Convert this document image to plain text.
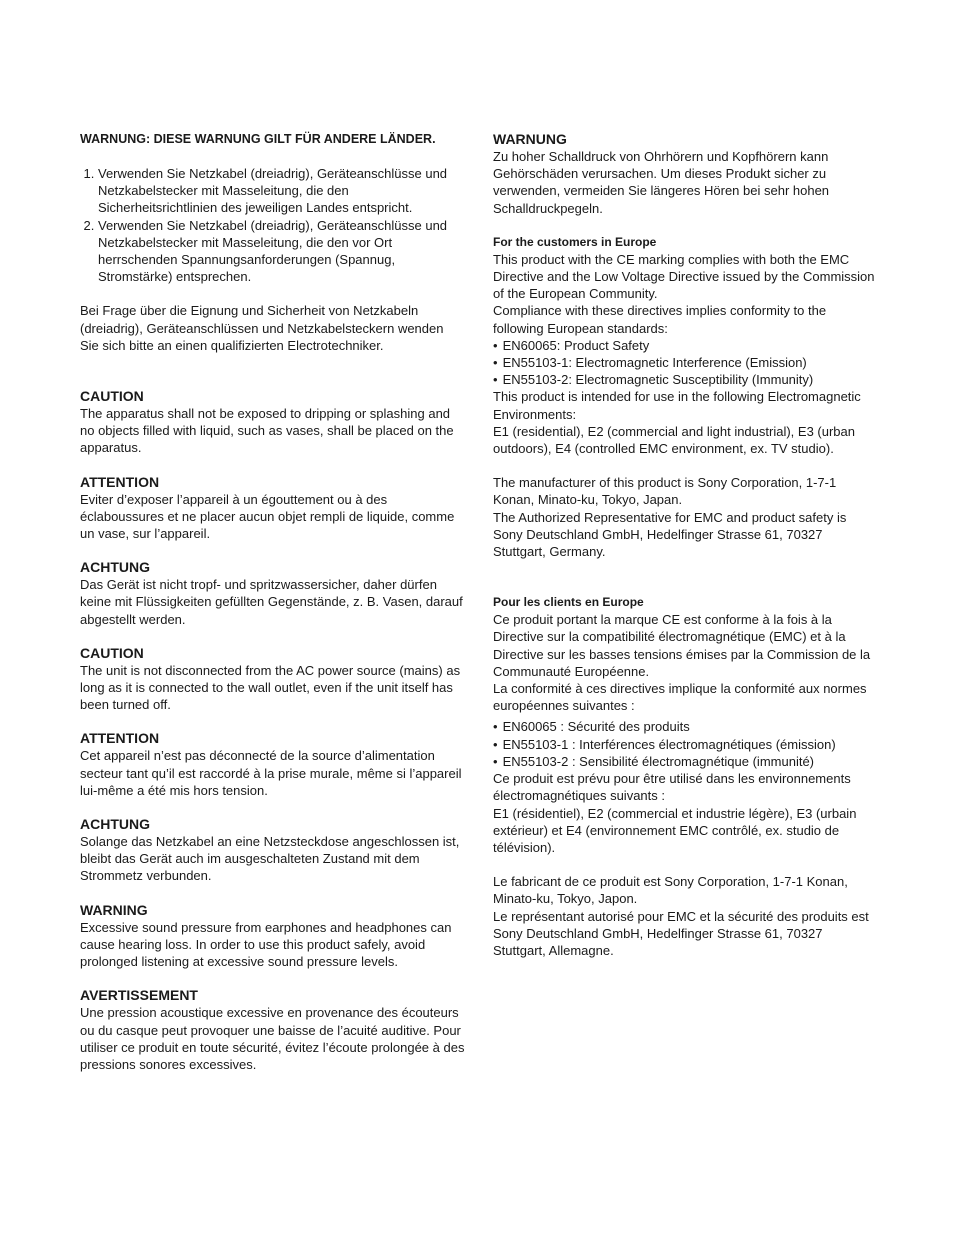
WARNUNG: DIESE WARNUNG GILT FÜR ANDERE LÄNDER.

1. Verwenden Sie Netzkabel (dreiadrig), Geräteanschlüsse und Netzkabelstecker mit Masseleitung, die den Sicherheitsrichtlinien des jeweiligen Landes entspricht.
2. Verwenden Sie Netzkabel (dreiadrig), Geräteanschlüsse und Netzkabelstecker mit Masseleitung, die den vor Ort herrschenden Spannungsanforderungen (Spannug, Stromstärke) entsprechen.

Bei Frage über die Eignung und Sicherheit von Netzkabeln (dreiadrig), Geräteanschlüssen und Netzkabelsteckern wenden Sie sich bitte an einen qualifizierten Electrotechniker.

CAUTION

The apparatus shall not be exposed to dripping or splashing and no objects filled with liquid, such as vases, shall be placed on the apparatus.

ATTENTION

Eviter d’exposer l’appareil à un égouttement ou à des éclaboussures et ne placer aucun objet rempli de liquide, comme un vase, sur l’appareil.

ACHTUNG

Das Gerät ist nicht tropf- und spritzwassersicher, daher dürfen keine mit Flüssigkeiten gefüllten Gegenstände, z. B. Vasen, darauf abgestellt werden.

CAUTION

The unit is not disconnected from the AC power source (mains) as long as it is connected to the wall outlet, even if the unit itself has been turned off.

ATTENTION

Cet appareil n’est pas déconnecté de la source d’alimentation secteur tant qu’il est raccordé à la prise murale, même si l’appareil lui-même a été mis hors tension.

ACHTUNG

Solange das Netzkabel an eine Netzsteckdose angeschlossen ist, bleibt das Gerät auch im ausgeschalteten Zustand mit dem Strommetz verbunden.

WARNING

Excessive sound pressure from earphones and headphones can cause hearing loss. In order to use this product safely, avoid prolonged listening at excessive sound pressure levels.

AVERTISSEMENT

Une pression acoustique excessive en provenance des écouteurs ou du casque peut provoquer une baisse de l’acuité auditive. Pour utiliser ce produit en toute sécurité, évitez l’écoute prolongée à des pressions sonores excessives.

WARNUNG

Zu hoher Schalldruck von Ohrhörern und Kopfhörern kann Gehörschäden verursachen. Um dieses Produkt sicher zu verwenden, vermeiden Sie längeres Hören bei sehr hohen Schalldruckpegeln.

For the customers in Europe

This product with the CE marking complies with both the EMC Directive and the Low Voltage Directive issued by the Commission of the European Community.

Compliance with these directives implies conformity to the following European standards:

• EN60065: Product Safety
• EN55103-1: Electromagnetic Interference (Emission)
• EN55103-2: Electromagnetic Susceptibility (Immunity)

This product is intended for use in the following Electromagnetic Environments:

E1 (residential), E2 (commercial and light industrial), E3 (urban outdoors), E4 (controlled EMC environment, ex. TV studio).

The manufacturer of this product is Sony Corporation, 1-7-1 Konan, Minato-ku, Tokyo, Japan.

The Authorized Representative for EMC and product safety is Sony Deutschland GmbH, Hedelfinger Strasse 61, 70327 Stuttgart, Germany.

Pour les clients en Europe

Ce produit portant la marque CE est conforme à la fois à la Directive sur la compatibilité électromagnétique (EMC) et à la Directive sur les basses tensions émises par la Commission de la Communauté Européenne.

La conformité à ces directives implique la conformité aux normes européennes suivantes :

• EN60065 : Sécurité des produits
• EN55103-1 : Interférences électromagnétiques (émission)
• EN55103-2 : Sensibilité électromagnétique (immunité)

Ce produit est prévu pour être utilisé dans les environnements électromagnétiques suivants :

E1 (résidentiel), E2 (commercial et industrie légère), E3 (urbain extérieur) et E4 (environnement EMC contrôlé, ex. studio de télévision).

Le fabricant de ce produit est Sony Corporation, 1-7-1 Konan, Minato-ku, Tokyo, Japon.

Le représentant autorisé pour EMC et la sécurité des produits est Sony Deutschland GmbH, Hedelfinger Strasse 61, 70327 Stuttgart, Allemagne.
